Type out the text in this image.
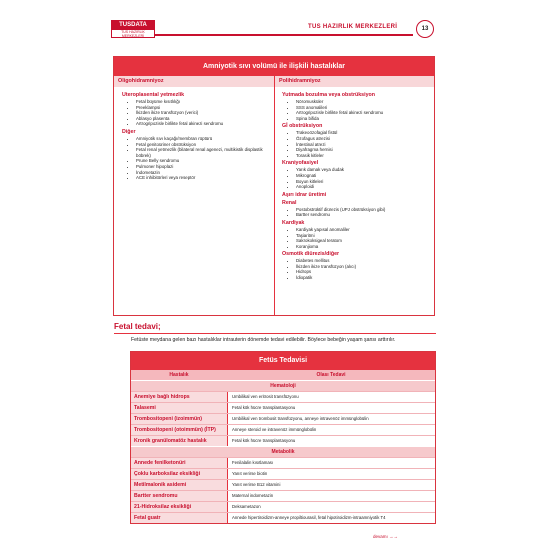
TUSDATA
TUS HAZIRLIK MERKEZLERİ
TUS HAZIRLIK MERKEZLERİ	13
Amniyotik sıvı volümü ile ilişkili hastalıklar
Oligohidramniyoz	Polihidramniyoz
Uteroplasental yetmezlik
• Fetal büyüme kısıtlılığı
• Preeklampsi
• İkizden ikize transfüzyon (verici)
• Ablasyo plasenta
• Artrogripozisle birlikte fetal akinezi sendromu
Diğer
• Amniyotik sıvı kaçağı/membran rüptürü
• Fetal genitoüriner obstrüksiyon
• Fetal renal yetmezlik (bilateral renal agenezi, multikistik displastik böbrek)
• Prune Belly sendromu
• Pulmoner hipoplazi
• İndometazin
• ACE inhibitörleri veya reseptör
Yutmada bozulma veya obstrüksiyon
• Nöromusküler
• SSS anomalileri
• Artrogripozisle birlikte fetal akinezi sendromu
• Spina bifida
Gİ obstrüksiyon
• Trakeoözofagial fistül
• Özofagus atrezisi
• İntestinal atrezi
• Diyafragma hernisi
• Torasik kitleler
Kraniyofasiyel
• Yarık damak veya dudak
• Mikrognati
• Boyun kitleleri
• Anoploidi
Aşırı idrar üretimi
Renal
• Postobstrüktif diürezis (UPJ obstrüksiyon gibi)
• Bartter sendromu
Kardiyak
• Kardiyak yapısal anomaliler
• Taşiaritmi
• Sakrokoksigeal teratom
• Koranjioma
Osmotik diürezis/diğer
• Diabetes mellitus
• İkizden ikize transfüzyon (alıcı)
• Hidrops
• İdiopatik
Fetal tedavi;
Fetüste meydana gelen bazı hastalıklar intrauterin dönemde tedavi edilebilir. Böylece bebeğin yaşam şansı arttırılır.
Fetüs Tedavisi
Hastalık	Olası Tedavi
Hematoloji
Anemiye bağlı hidrops	Umbilikal ven eritrosit transfüzyonu
Talasemi	Fetal kök hücre transplantasyonu
Trombositopeni (izoimmün)	Umbilikal ven trombosit transfüzyonu, anneye intravenöz immünglobülin
Trombositopeni (otoimmün) (İTP)	Anneye steroid ve intravenöz immünglobülin
Kronik granülomatöz hastalık	Fetal kök hücre transplantasyonu
Metabolik
Annede fenilketonüri	Fenilalalin kısıtlaması
Çoklu karboksilaz eksikliği	Yanıt verirse biotin
Metilmalonik asidemi	Yanıt verirse B12 vitamini
Bartter sendromu	Maternal indometazin
21-Hidroksilaz eksikliği	Deksametazon
Fetal guatr	Annede hipertiroidizm-anneye propiltiourasil, fetal hipotiroidizm-intraamniyotik T4
devamı →→
